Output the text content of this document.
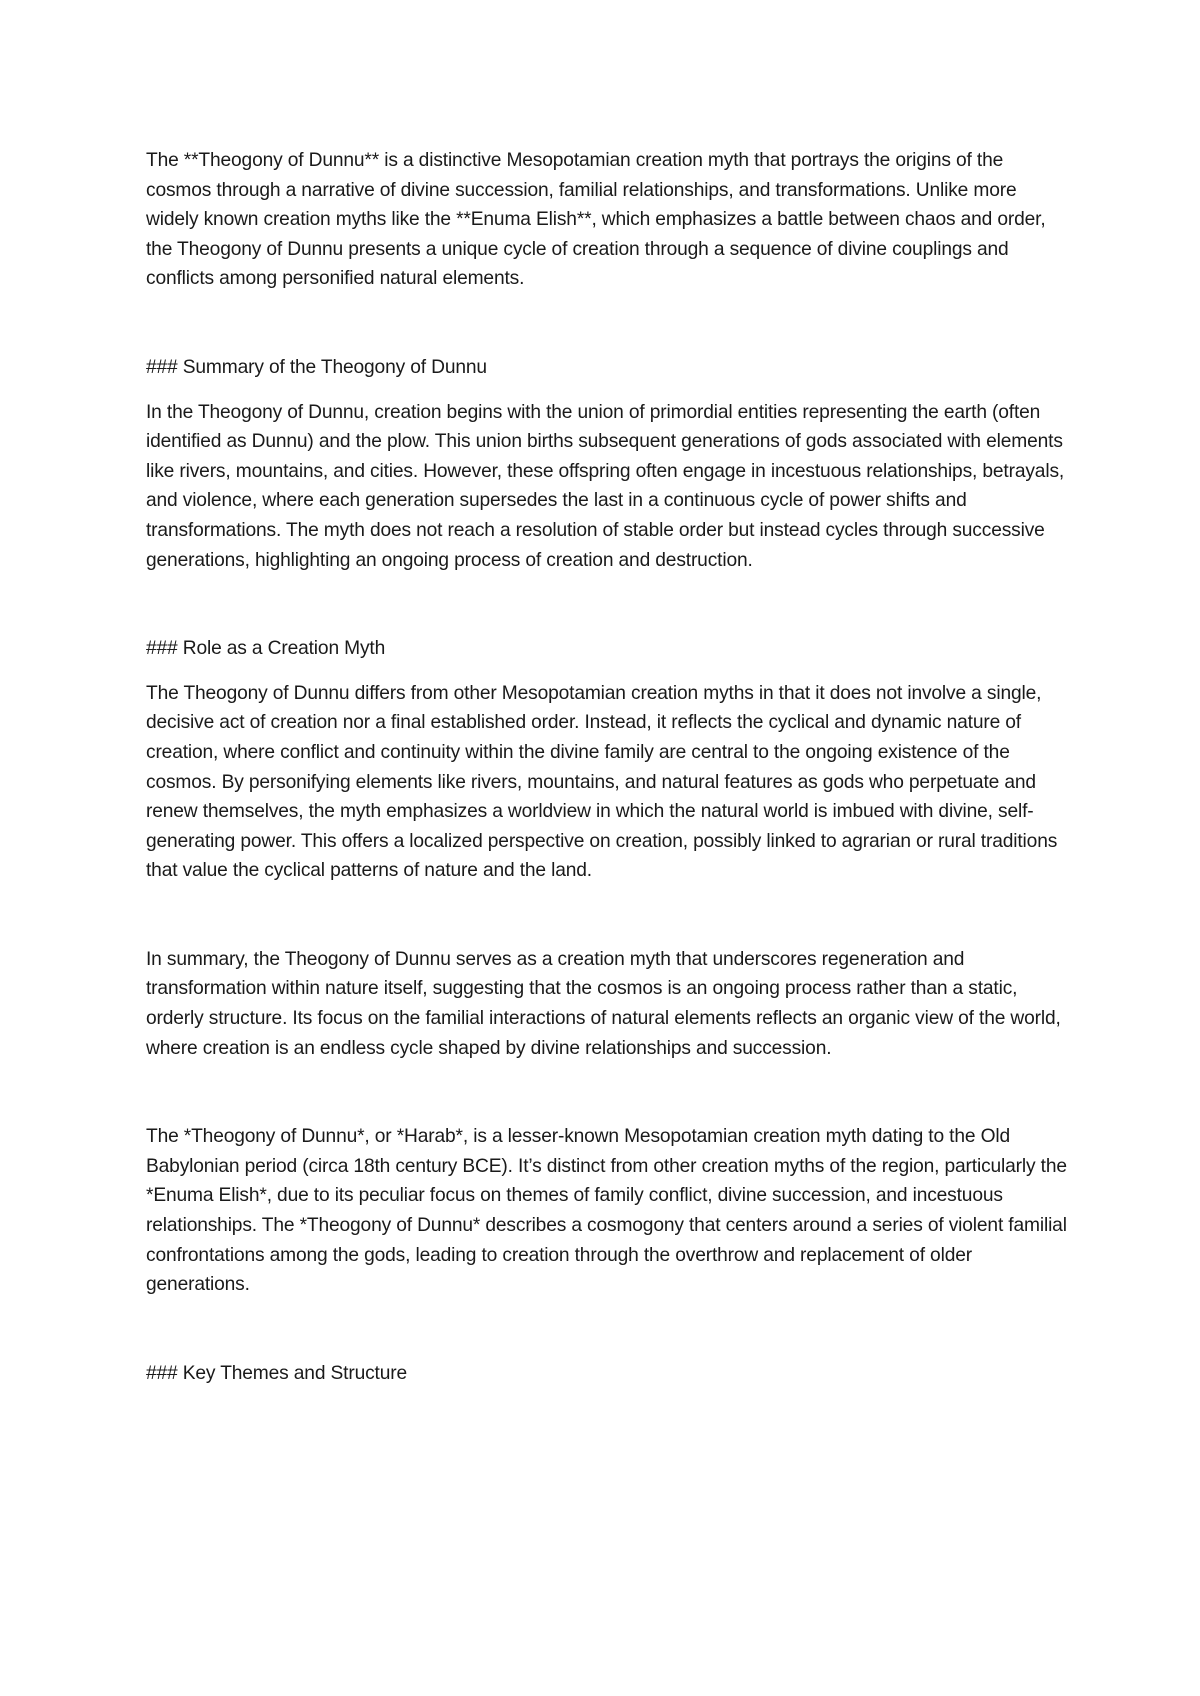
The **Theogony of Dunnu** is a distinctive Mesopotamian creation myth that portrays the origins of the cosmos through a narrative of divine succession, familial relationships, and transformations. Unlike more widely known creation myths like the **Enuma Elish**, which emphasizes a battle between chaos and order, the Theogony of Dunnu presents a unique cycle of creation through a sequence of divine couplings and conflicts among personified natural elements.

### Summary of the Theogony of Dunnu

In the Theogony of Dunnu, creation begins with the union of primordial entities representing the earth (often identified as Dunnu) and the plow. This union births subsequent generations of gods associated with elements like rivers, mountains, and cities. However, these offspring often engage in incestuous relationships, betrayals, and violence, where each generation supersedes the last in a continuous cycle of power shifts and transformations. The myth does not reach a resolution of stable order but instead cycles through successive generations, highlighting an ongoing process of creation and destruction.

### Role as a Creation Myth

The Theogony of Dunnu differs from other Mesopotamian creation myths in that it does not involve a single, decisive act of creation nor a final established order. Instead, it reflects the cyclical and dynamic nature of creation, where conflict and continuity within the divine family are central to the ongoing existence of the cosmos. By personifying elements like rivers, mountains, and natural features as gods who perpetuate and renew themselves, the myth emphasizes a worldview in which the natural world is imbued with divine, self-generating power. This offers a localized perspective on creation, possibly linked to agrarian or rural traditions that value the cyclical patterns of nature and the land.

In summary, the Theogony of Dunnu serves as a creation myth that underscores regeneration and transformation within nature itself, suggesting that the cosmos is an ongoing process rather than a static, orderly structure. Its focus on the familial interactions of natural elements reflects an organic view of the world, where creation is an endless cycle shaped by divine relationships and succession.

The *Theogony of Dunnu*, or *Harab*, is a lesser-known Mesopotamian creation myth dating to the Old Babylonian period (circa 18th century BCE). It’s distinct from other creation myths of the region, particularly the *Enuma Elish*, due to its peculiar focus on themes of family conflict, divine succession, and incestuous relationships. The *Theogony of Dunnu* describes a cosmogony that centers around a series of violent familial confrontations among the gods, leading to creation through the overthrow and replacement of older generations.

### Key Themes and Structure
